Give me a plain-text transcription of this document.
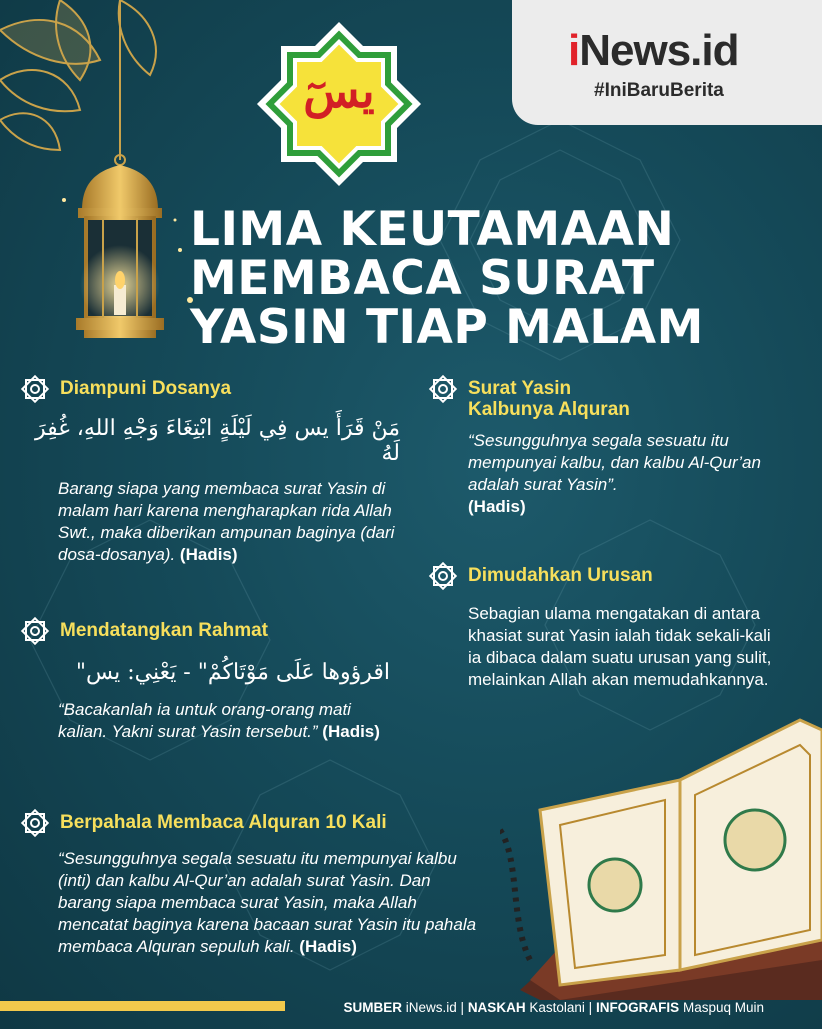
يسٓ
iNews.id
#IniBaruBerita
LIMA KEUTAMAAN
MEMBACA SURAT
YASIN TIAP MALAM
Diampuni Dosanya
مَنْ قَرَأَ يس فِي لَيْلَةٍ ابْتِغَاءَ وَجْهِ اللهِ، غُفِرَ لَهُ
Barang siapa yang membaca surat Yasin di malam hari karena mengharapkan rida Allah Swt., maka diberikan ampunan baginya (dari dosa-dosanya). (Hadis)
Mendatangkan Rahmat
اقرؤوها عَلَى مَوْتَاكُمْ" - يَعْنِي: يس"
“Bacakanlah ia untuk orang-orang mati kalian. Yakni surat Yasin tersebut.” (Hadis)
Berpahala Membaca Alquran 10 Kali
“Sesungguhnya segala sesuatu itu mempunyai kalbu (inti) dan kalbu Al-Qur’an adalah surat Yasin. Dan barang siapa membaca surat Yasin, maka Allah mencatat baginya karena bacaan surat Yasin itu pahala membaca Alquran sepuluh kali. (Hadis)
Surat Yasin
Kalbunya Alquran
“Sesungguhnya segala sesuatu itu mempunyai kalbu, dan kalbu Al-Qur’an adalah surat Yasin”.
(Hadis)
Dimudahkan Urusan
Sebagian ulama mengatakan di antara khasiat surat Yasin ialah tidak sekali-kali ia dibaca dalam suatu urusan yang sulit, melainkan Allah akan memudahkannya.
SUMBER iNews.id | NASKAH Kastolani | INFOGRAFIS Maspuq Muin
